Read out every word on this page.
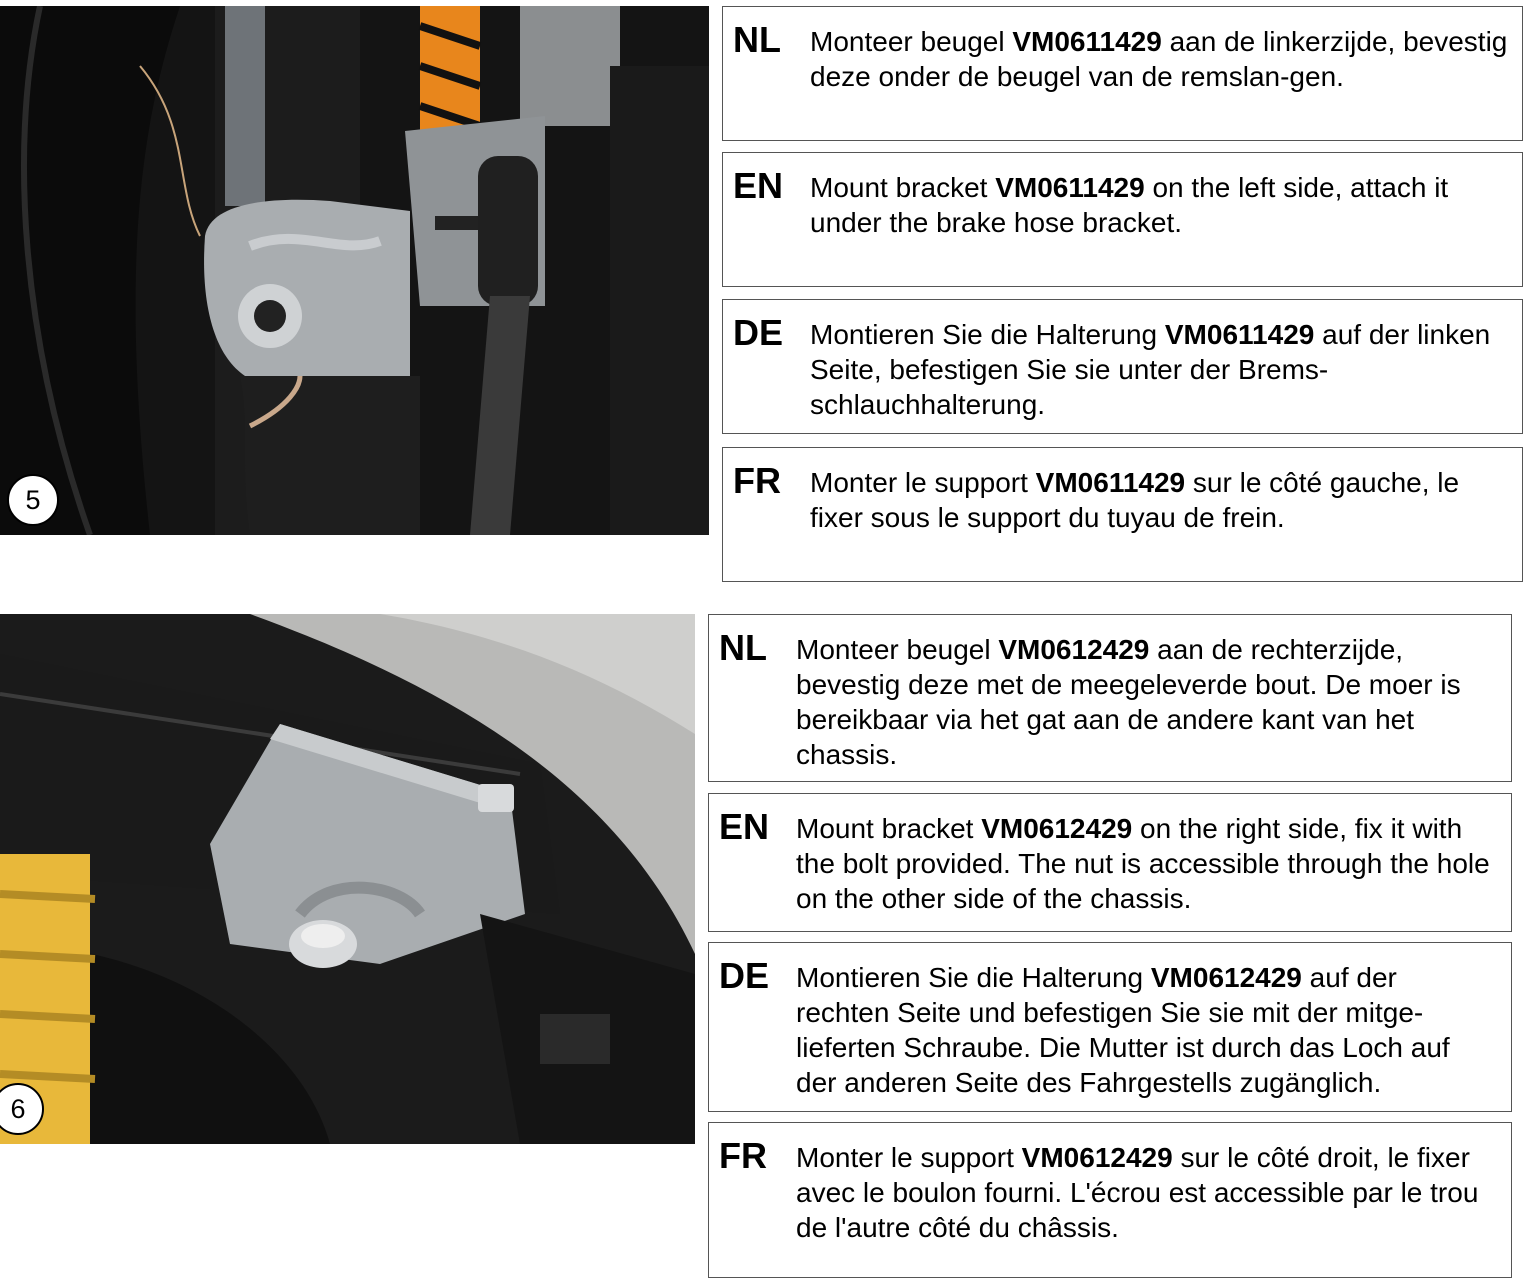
5
NL Monteer beugel VM0611429 aan de linkerzijde, bevestig deze onder de beugel van de remslan-gen.
EN Mount bracket VM0611429 on the left side, attach it under the brake hose bracket.
DE Montieren Sie die Halterung VM0611429 auf der linken Seite, befestigen Sie sie unter der Brems-schlauchhalterung.
FR Monter le support VM0611429 sur le côté gauche, le fixer sous le support du tuyau de frein.
6
NL Monteer beugel VM0612429 aan de rechterzijde, bevestig deze met de meegeleverde bout. De moer is bereikbaar via het gat aan de andere kant van het chassis.
EN Mount bracket VM0612429 on the right side, fix it with the bolt provided. The nut is accessible through the hole on the other side of the chassis.
DE Montieren Sie die Halterung VM0612429 auf der rechten Seite und befestigen Sie sie mit der mitge-lieferten Schraube. Die Mutter ist durch das Loch auf der anderen Seite des Fahrgestells zugänglich.
FR Monter le support VM0612429 sur le côté droit, le fixer avec le boulon fourni. L'écrou est accessible par le trou de l'autre côté du châssis.
